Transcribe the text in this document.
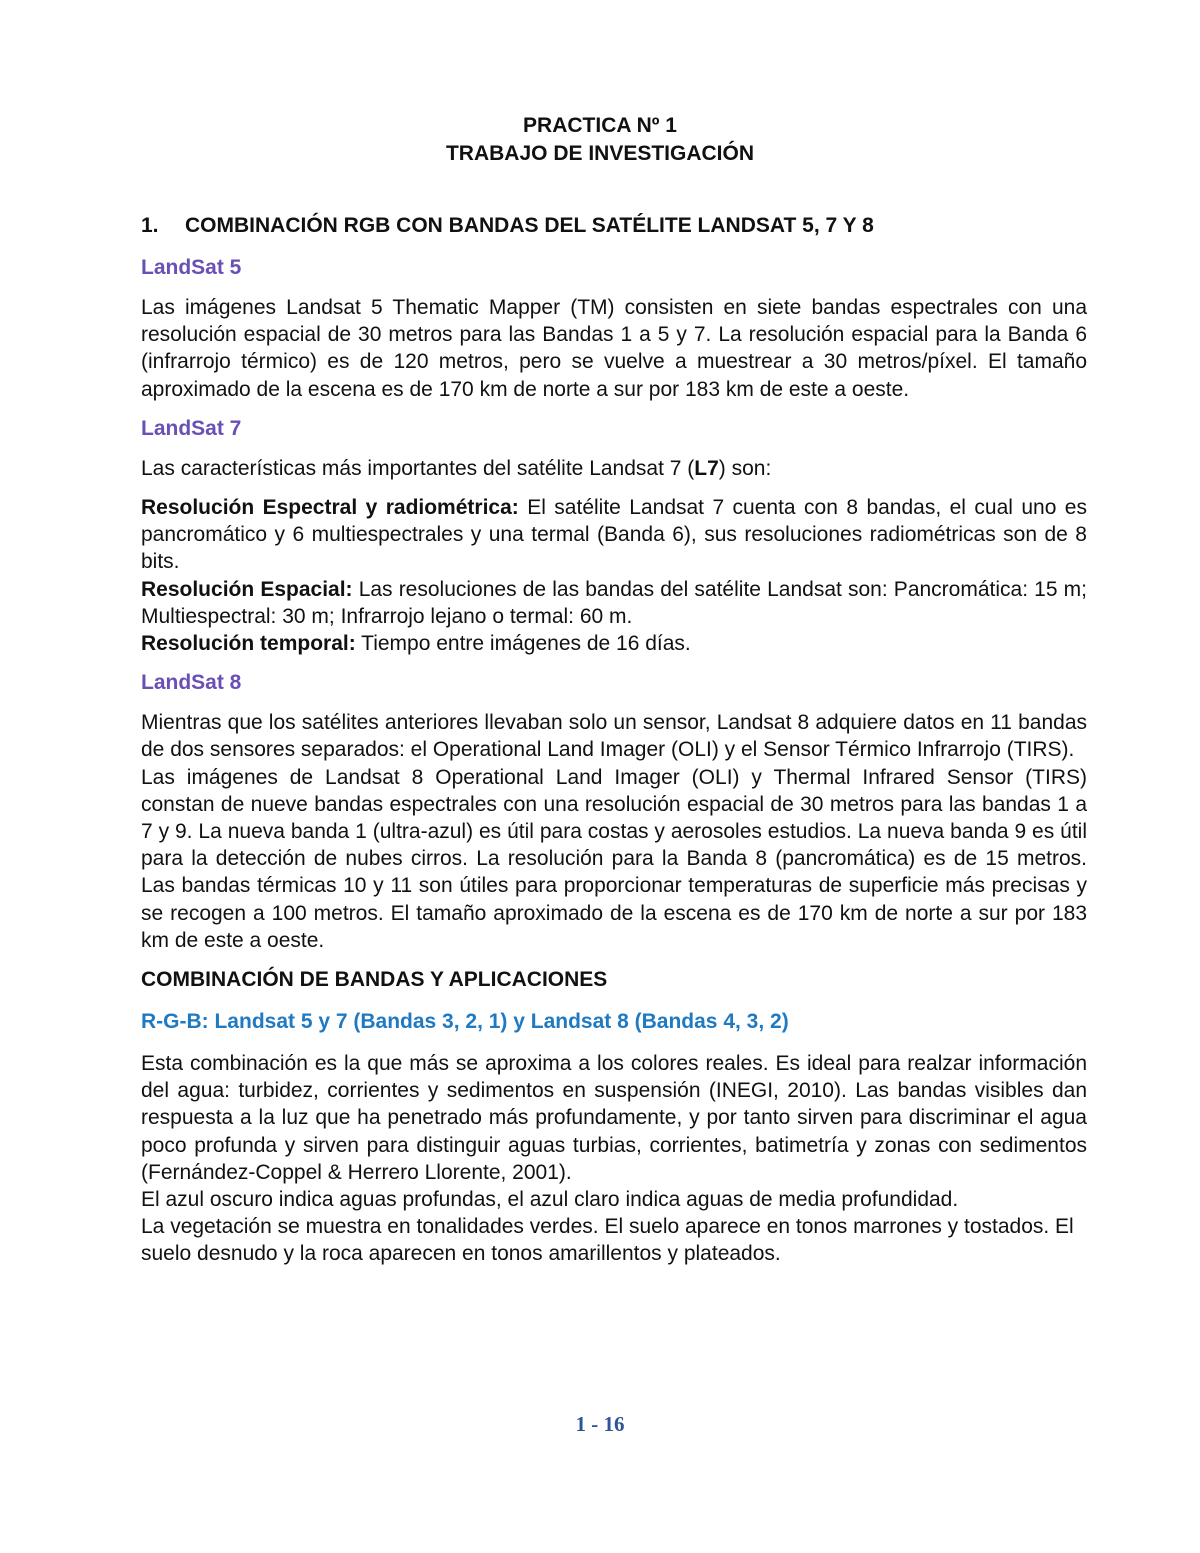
PRACTICA Nº 1
TRABAJO DE INVESTIGACIÓN
1.	COMBINACIÓN RGB CON BANDAS DEL SATÉLITE LANDSAT 5, 7 Y 8
LandSat 5

Las imágenes Landsat 5 Thematic Mapper (TM) consisten en siete bandas espectrales con una resolución espacial de 30 metros para las Bandas 1 a 5 y 7. La resolución espacial para la Banda 6 (infrarrojo térmico) es de 120 metros, pero se vuelve a muestrear a 30 metros/píxel. El tamaño aproximado de la escena es de 170 km de norte a sur por 183 km de este a oeste.

LandSat 7

Las características más importantes del satélite Landsat 7 (L7) son:

Resolución Espectral y radiométrica: El satélite Landsat 7 cuenta con 8 bandas, el cual uno es pancromático y 6 multiespectrales y una termal (Banda 6), sus resoluciones radiométricas son de 8 bits.

Resolución Espacial: Las resoluciones de las bandas del satélite Landsat son: Pancromática: 15 m; Multiespectral: 30 m; Infrarrojo lejano o termal: 60 m.

Resolución temporal: Tiempo entre imágenes de 16 días.

LandSat 8

Mientras que los satélites anteriores llevaban solo un sensor, Landsat 8 adquiere datos en 11 bandas de dos sensores separados: el Operational Land Imager (OLI) y el Sensor Térmico Infrarrojo (TIRS).

Las imágenes de Landsat 8 Operational Land Imager (OLI) y Thermal Infrared Sensor (TIRS) constan de nueve bandas espectrales con una resolución espacial de 30 metros para las bandas 1 a 7 y 9. La nueva banda 1 (ultra-azul) es útil para costas y aerosoles estudios. La nueva banda 9 es útil para la detección de nubes cirros. La resolución para la Banda 8 (pancromática) es de 15 metros. Las bandas térmicas 10 y 11 son útiles para proporcionar temperaturas de superficie más precisas y se recogen a 100 metros. El tamaño aproximado de la escena es de 170 km de norte a sur por 183 km de este a oeste.

COMBINACIÓN DE BANDAS Y APLICACIONES
R-G-B: Landsat 5 y 7 (Bandas 3, 2, 1) y Landsat 8 (Bandas 4, 3, 2)

Esta combinación es la que más se aproxima a los colores reales. Es ideal para realzar información del agua: turbidez, corrientes y sedimentos en suspensión (INEGI, 2010). Las bandas visibles dan respuesta a la luz que ha penetrado más profundamente, y por tanto sirven para discriminar el agua poco profunda y sirven para distinguir aguas turbias, corrientes, batimetría y zonas con sedimentos (Fernández-Coppel & Herrero Llorente, 2001).

El azul oscuro indica aguas profundas, el azul claro indica aguas de media profundidad.

La vegetación se muestra en tonalidades verdes. El suelo aparece en tonos marrones y tostados. El suelo desnudo y la roca aparecen en tonos amarillentos y plateados.

1 - 16
